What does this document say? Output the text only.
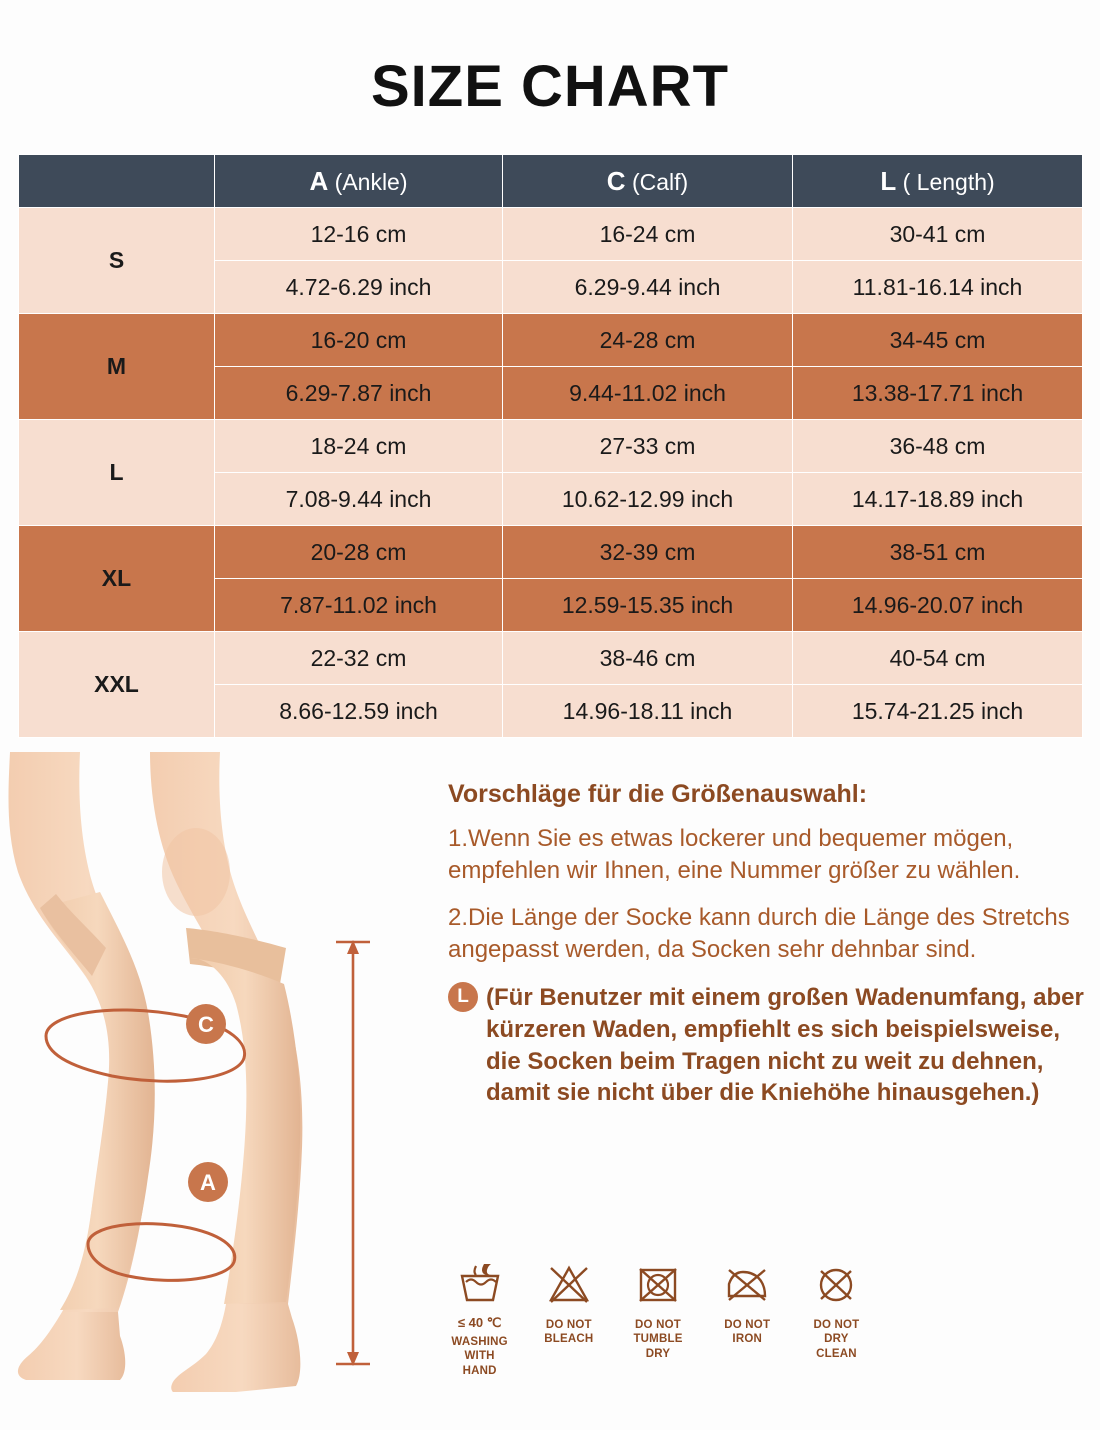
SIZE CHART
	A (Ankle)	C (Calf)	L ( Length)
S	12-16 cm	16-24 cm	30-41 cm
	4.72-6.29 inch	6.29-9.44 inch	11.81-16.14 inch
M	16-20 cm	24-28 cm	34-45 cm
	6.29-7.87 inch	9.44-11.02 inch	13.38-17.71 inch
L	18-24 cm	27-33 cm	36-48 cm
	7.08-9.44 inch	10.62-12.99 inch	14.17-18.89 inch
XL	20-28 cm	32-39 cm	38-51 cm
	7.87-11.02 inch	12.59-15.35 inch	14.96-20.07 inch
XXL	22-32 cm	38-46 cm	40-54 cm
	8.66-12.59 inch	14.96-18.11 inch	15.74-21.25 inch
C
A
Vorschläge für die Größenauswahl:
1.Wenn Sie es etwas lockerer und bequemer mögen, empfehlen wir Ihnen, eine Nummer größer zu wählen.
2.Die Länge der Socke kann durch die Länge des Stretchs angepasst werden, da Socken sehr dehnbar sind.
L (Für Benutzer mit einem großen Wadenumfang, aber kürzeren Waden, empfiehlt es sich beispielsweise, die Socken beim Tragen nicht zu weit zu dehnen, damit sie nicht über die Kniehöhe hinausgehen.)
≤ 40 ℃
WASHING
WITH HAND
DO NOT
BLEACH
DO NOT
TUMBLE DRY
DO NOT
IRON
DO NOT
DRY CLEAN
